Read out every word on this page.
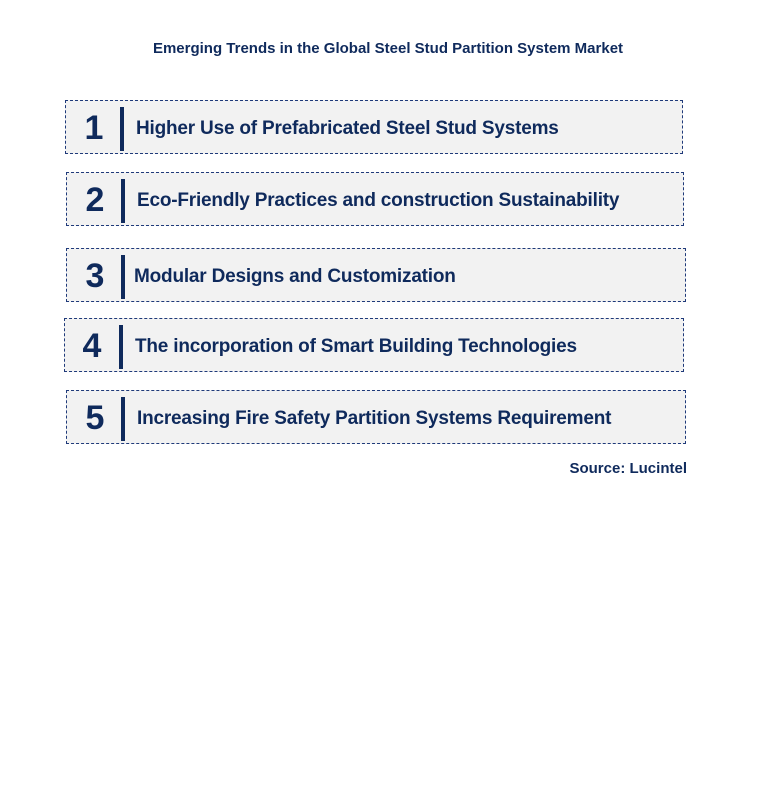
Emerging Trends in the Global Steel Stud Partition System Market
1	Higher Use of Prefabricated Steel Stud Systems
2	Eco-Friendly Practices and construction Sustainability
3	Modular Designs and Customization
4	The incorporation of Smart Building Technologies
5	Increasing Fire Safety Partition Systems Requirement
Source: Lucintel
